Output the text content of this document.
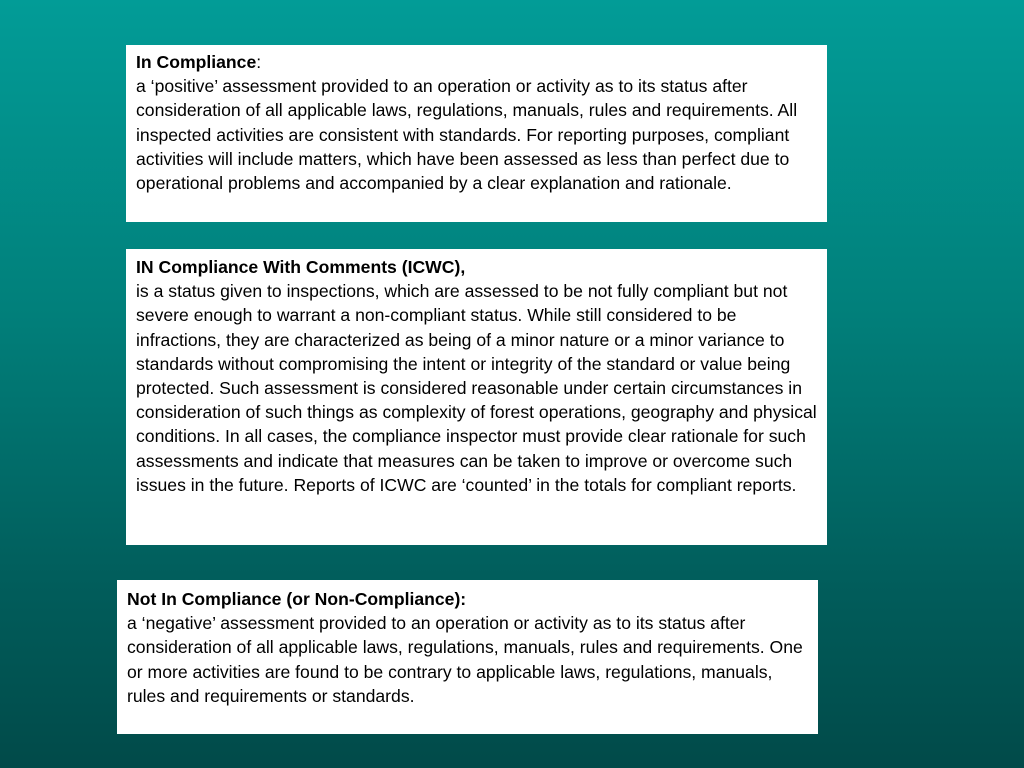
In Compliance:
a ‘positive’ assessment provided to an operation or activity as to its status after consideration of all applicable laws, regulations, manuals, rules and requirements. All inspected activities are consistent with standards. For reporting purposes, compliant activities will include matters, which have been assessed as less than perfect due to operational problems and accompanied by a clear explanation and rationale.
IN Compliance With Comments (ICWC),
is a status given to inspections, which are assessed to be not fully compliant but not severe enough to warrant a non-compliant status. While still considered to be infractions, they are characterized as being of a minor nature or a minor variance to standards without compromising the intent or integrity of the standard or value being protected. Such assessment is considered reasonable under certain circumstances in consideration of such things as complexity of forest operations, geography and physical conditions. In all cases, the compliance inspector must provide clear rationale for such assessments and indicate that measures can be taken to improve or overcome such issues in the future. Reports of ICWC are ‘counted’ in the totals for compliant reports.
Not In Compliance (or Non-Compliance):
a ‘negative’ assessment provided to an operation or activity as to its status after consideration of all applicable laws, regulations, manuals, rules and requirements. One or more activities are found to be contrary to applicable laws, regulations, manuals, rules and requirements or standards.
